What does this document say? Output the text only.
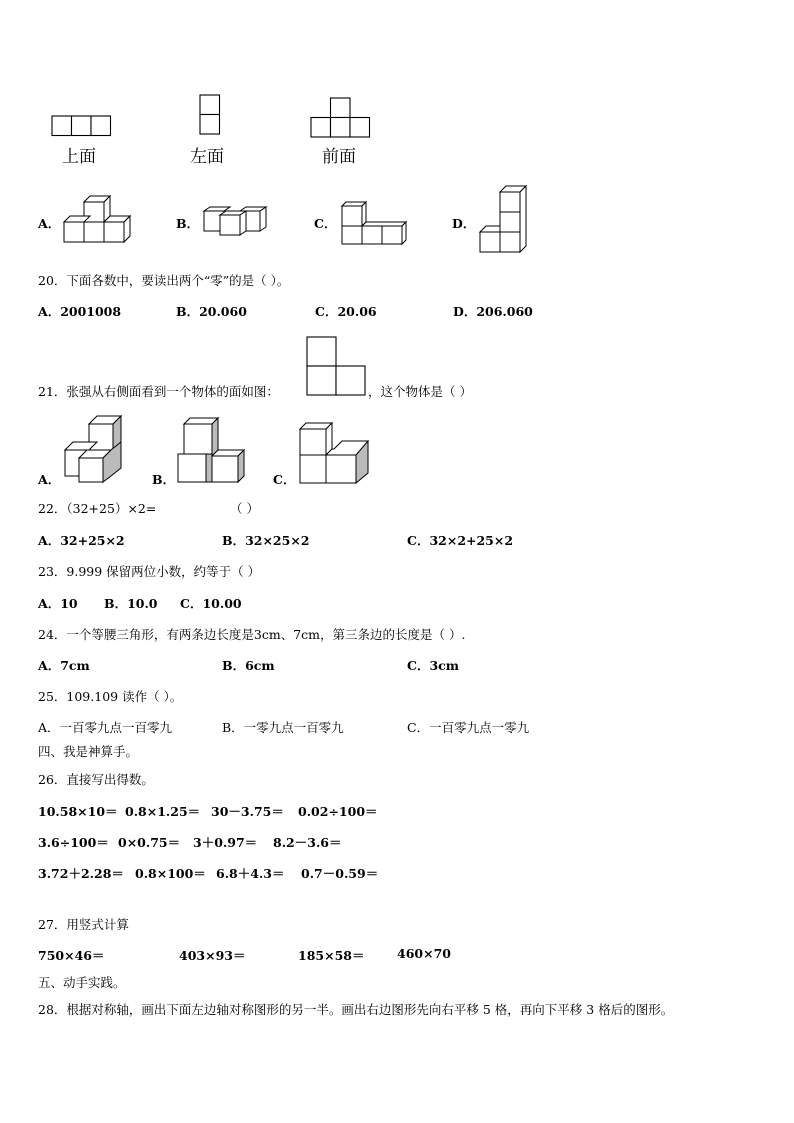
上面	左面	前面
A．	B．	C．	D．
20．下面各数中，要读出两个“零”的是（ ）。
A．2001008	B．20.060	C．20.06	D．206.060
21．张强从右侧面看到一个物体的面如图：	，这个物体是（ ）
A．	B．	C．
22．（32+25）×2=	（ ）
A．32+25×2	B．32×25×2	C．32×2+25×2
23．9.999 保留两位小数，约等于（ ）
A．10 B．10.0 C．10.00
24．一个等腰三角形，有两条边长度是3cm、7cm，第三条边的长度是（ ）.
A．7cm	B．6cm	C．3cm
25．109.109 读作（ ）。
A．一百零九点一百零九	B．一零九点一百零九	C．一百零九点一零九
四、我是神算手。
26．直接写出得数。
10.58×10＝ 0.8×1.25＝ 30－3.75＝ 0.02÷100＝
3.6÷100＝ 0×0.75＝ 3＋0.97＝ 8.2－3.6＝
3.72＋2.28＝ 0.8×100＝ 6.8＋4.3＝ 0.7－0.59＝
27．用竖式计算
750×46＝	403×93＝	185×58＝	460×70
五、动手实践。
28．根据对称轴，画出下面左边轴对称图形的另一半。画出右边图形先向右平移 5 格，再向下平移 3 格后的图形。
